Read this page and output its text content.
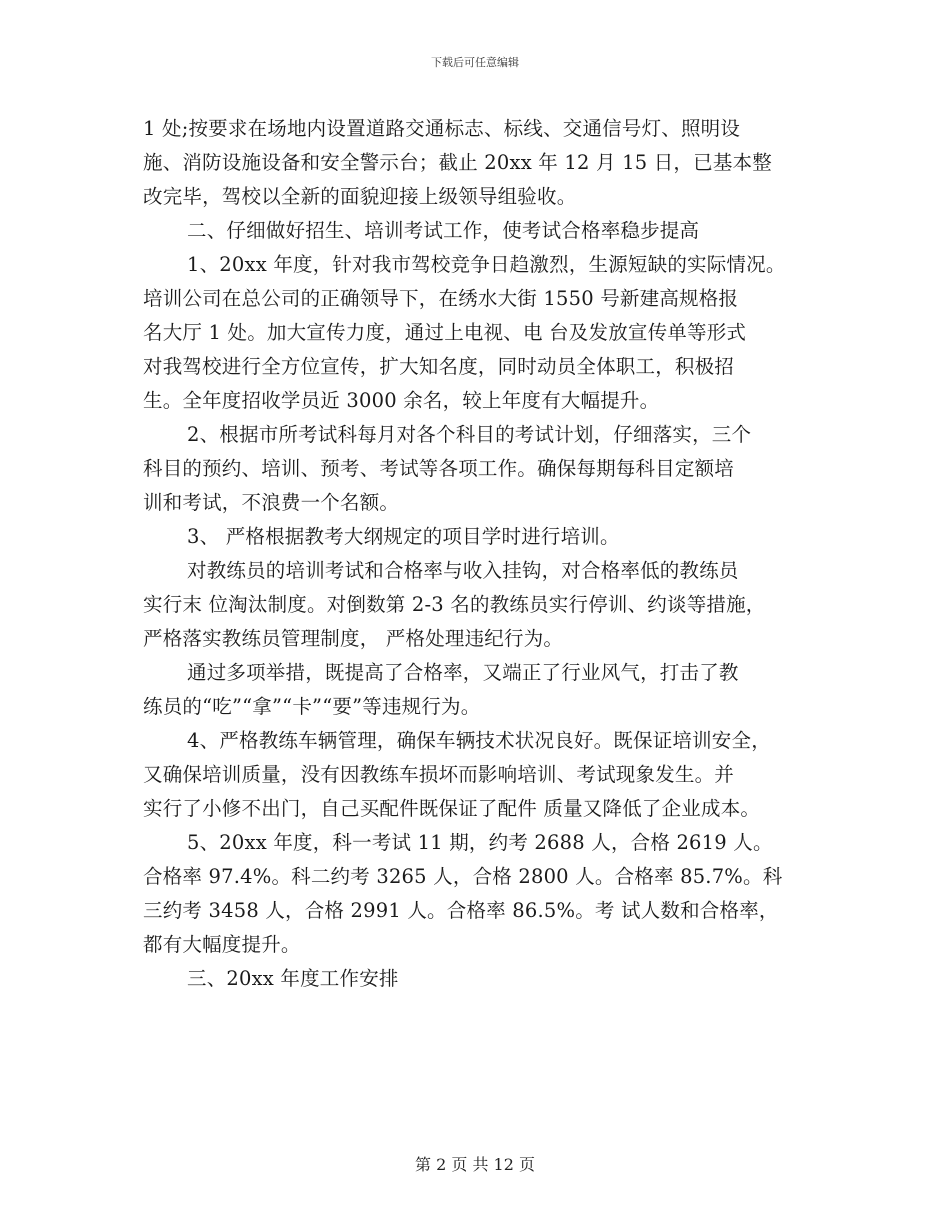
下载后可任意编辑
1 处;按要求在场地内设置道路交通标志、标线、交通信号灯、照明设
施、消防设施设备和安全警示台；截止 20xx 年 12 月 15 日，已基本整
改完毕，驾校以全新的面貌迎接上级领导组验收。
二、仔细做好招生、培训考试工作，使考试合格率稳步提高
1、20xx 年度，针对我市驾校竞争日趋激烈，生源短缺的实际情况。
培训公司在总公司的正确领导下，在绣水大街 1550 号新建高规格报
名大厅 1 处。加大宣传力度，通过上电视、电 台及发放宣传单等形式
对我驾校进行全方位宣传，扩大知名度，同时动员全体职工，积极招
生。全年度招收学员近 3000 余名，较上年度有大幅提升。
2、根据市所考试科每月对各个科目的考试计划，仔细落实，三个
科目的预约、培训、预考、考试等各项工作。确保每期每科目定额培
训和考试，不浪费一个名额。
3、 严格根据教考大纲规定的项目学时进行培训。
对教练员的培训考试和合格率与收入挂钩，对合格率低的教练员
实行末 位淘汰制度。对倒数第 2-3 名的教练员实行停训、约谈等措施，
严格落实教练员管理制度， 严格处理违纪行为。
通过多项举措，既提高了合格率，又端正了行业风气，打击了教
练员的“吃”“拿”“卡”“要”等违规行为。
4、严格教练车辆管理，确保车辆技术状况良好。既保证培训安全，
又确保培训质量，没有因教练车损坏而影响培训、考试现象发生。并
实行了小修不出门，自己买配件既保证了配件 质量又降低了企业成本。
5、20xx 年度，科一考试 11 期，约考 2688 人，合格 2619 人。
合格率 97.4%。科二约考 3265 人，合格 2800 人。合格率 85.7%。科
三约考 3458 人，合格 2991 人。合格率 86.5%。考 试人数和合格率，
都有大幅度提升。
三、20xx 年度工作安排
第 2 页 共 12 页
